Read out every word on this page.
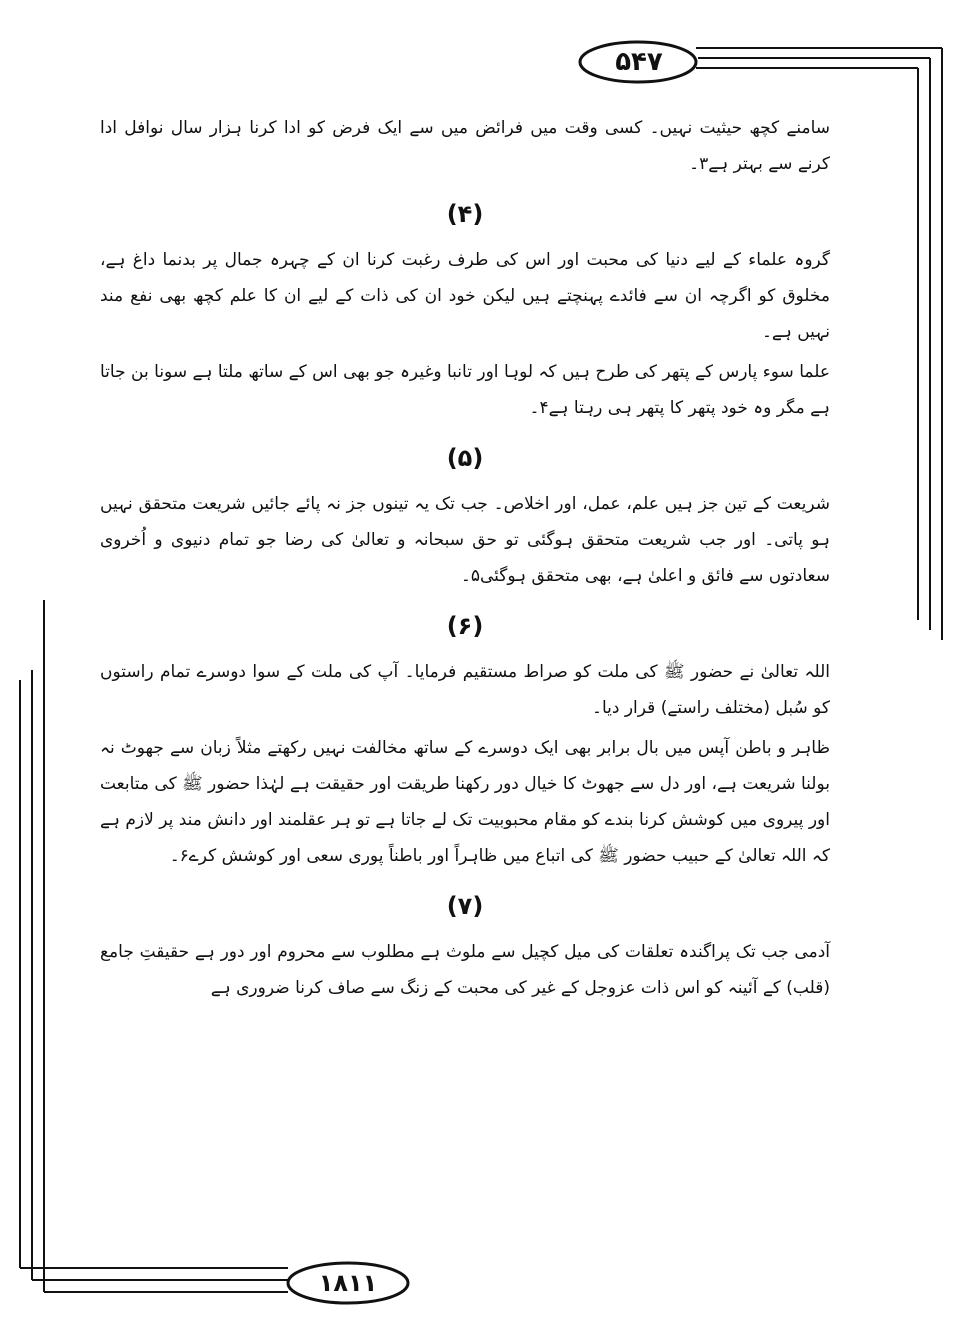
۵۴۷
۱۸۱۱

سامنے کچھ حیثیت نہیں۔ کسی وقت میں فرائض میں سے ایک فرض کو ادا کرنا ہزار سال نوافل ادا کرنے سے بہتر ہے۳۔

(۴)

گروہ علماء کے لیے دنیا کی محبت اور اس کی طرف رغبت کرنا ان کے چہرہ جمال پر بدنما داغ ہے، مخلوق کو اگرچہ ان سے فائدے پہنچتے ہیں لیکن خود ان کی ذات کے لیے ان کا علم کچھ بھی نفع مند نہیں ہے۔

علما سوء پارس کے پتھر کی طرح ہیں کہ لوہا اور تانبا وغیرہ جو بھی اس کے ساتھ ملتا ہے سونا بن جاتا ہے مگر وہ خود پتھر کا پتھر ہی رہتا ہے۴۔

(۵)

شریعت کے تین جز ہیں علم، عمل، اور اخلاص۔ جب تک یہ تینوں جز نہ پائے جائیں شریعت متحقق نہیں ہو پاتی۔ اور جب شریعت متحقق ہوگئی تو حق سبحانہ و تعالیٰ کی رضا جو تمام دنیوی و اُخروی سعادتوں سے فائق و اعلیٰ ہے، بھی متحقق ہوگئی۵۔

(۶)

اللہ تعالیٰ نے حضور ﷺ کی ملت کو صراط مستقیم فرمایا۔ آپ کی ملت کے سوا دوسرے تمام راستوں کو سُبل (مختلف راستے) قرار دیا۔

ظاہر و باطن آپس میں بال برابر بھی ایک دوسرے کے ساتھ مخالفت نہیں رکھتے مثلاً زبان سے جھوٹ نہ بولنا شریعت ہے، اور دل سے جھوٹ کا خیال دور رکھنا طریقت اور حقیقت ہے لہٰذا حضور ﷺ کی متابعت اور پیروی میں کوشش کرنا بندے کو مقام محبوبیت تک لے جاتا ہے تو ہر عقلمند اور دانش مند پر لازم ہے کہ اللہ تعالیٰ کے حبیب حضور ﷺ کی اتباع میں ظاہراً اور باطناً پوری سعی اور کوشش کرے۶۔

(۷)

آدمی جب تک پراگندہ تعلقات کی میل کچیل سے ملوث ہے مطلوب سے محروم اور دور ہے حقیقتِ جامع (قلب) کے آئینہ کو اس ذات عزوجل کے غیر کی محبت کے زنگ سے صاف کرنا ضروری ہے
